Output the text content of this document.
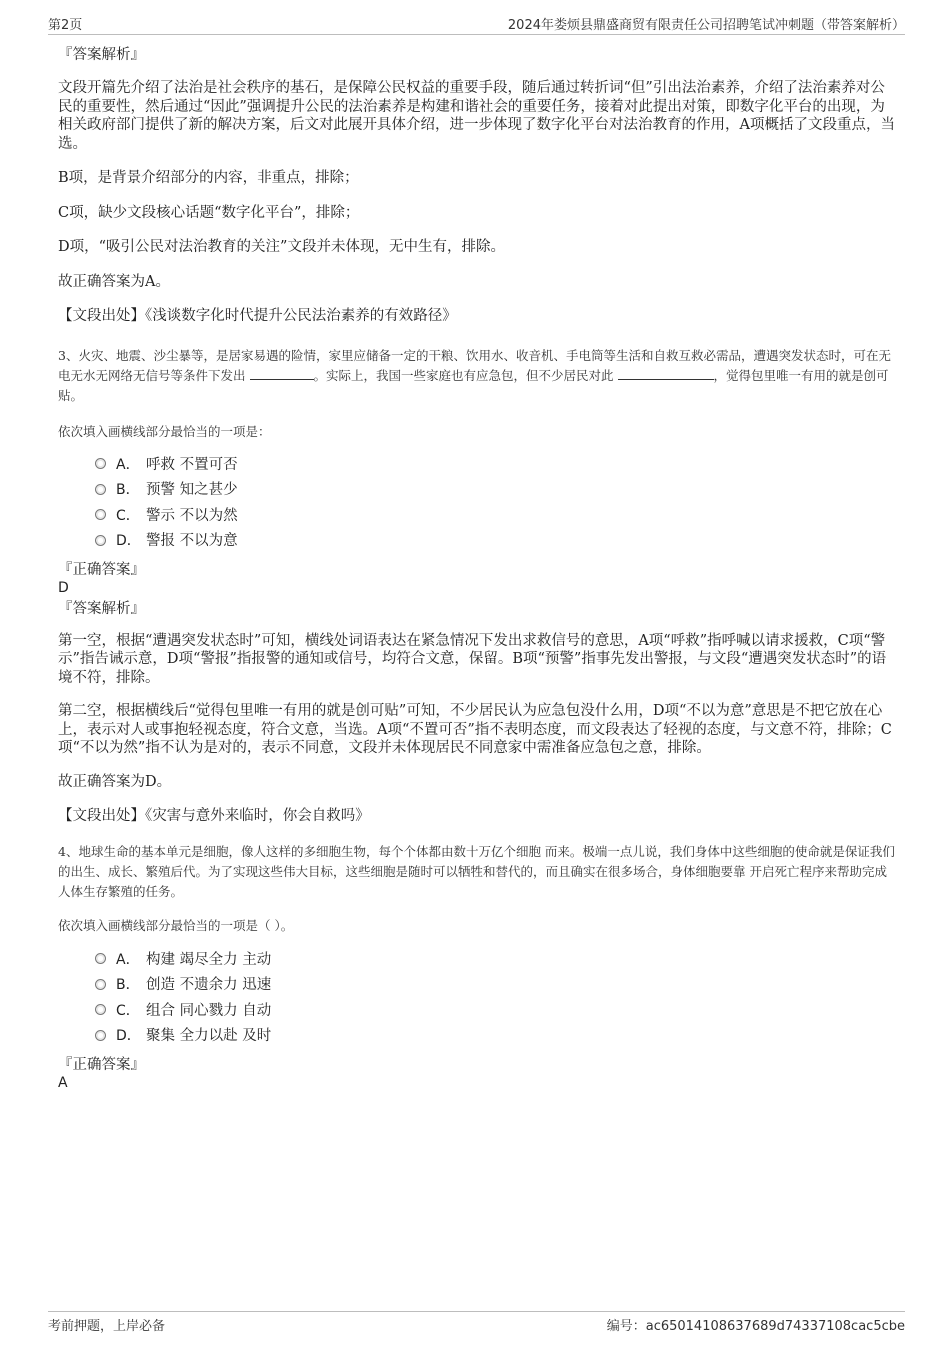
第2页	2024年娄烦县鼎盛商贸有限责任公司招聘笔试冲刺题（带答案解析）

『答案解析』

文段开篇先介绍了法治是社会秩序的基石，是保障公民权益的重要手段，随后通过转折词“但”引出法治素养，介绍了法治素养对公民的重要性，然后通过“因此”强调提升公民的法治素养是构建和谐社会的重要任务，接着对此提出对策，即数字化平台的出现，为相关政府部门提供了新的解决方案，后文对此展开具体介绍，进一步体现了数字化平台对法治教育的作用，A项概括了文段重点，当选。

B项，是背景介绍部分的内容，非重点，排除；

C项，缺少文段核心话题“数字化平台”，排除；

D项，“吸引公民对法治教育的关注”文段并未体现，无中生有，排除。

故正确答案为A。

【文段出处】《浅谈数字化时代提升公民法治素养的有效路径》

3、火灾、地震、沙尘暴等，是居家易遇的险情，家里应储备一定的干粮、饮用水、收音机、手电筒等生活和自救互救必需品，遭遇突发状态时，可在无电无水无网络无信号等条件下发出	。实际上，我国一些家庭也有应急包，但不少居民对此	，觉得包里唯一有用的就是创可贴。

依次填入画横线部分最恰当的一项是：

A． 呼救 不置可否
B． 预警 知之甚少
C． 警示 不以为然
D． 警报 不以为意

『正确答案』

D

『答案解析』

第一空，根据“遭遇突发状态时”可知，横线处词语表达在紧急情况下发出求救信号的意思，A项“呼救”指呼喊以请求援救，C项“警示”指告诫示意，D项“警报”指报警的通知或信号，均符合文意，保留。B项“预警”指事先发出警报，与文段“遭遇突发状态时”的语境不符，排除。

第二空，根据横线后“觉得包里唯一有用的就是创可贴”可知，不少居民认为应急包没什么用，D项“不以为意”意思是不把它放在心上，表示对人或事抱轻视态度，符合文意，当选。A项“不置可否”指不表明态度，而文段表达了轻视的态度，与文意不符，排除；C项“不以为然”指不认为是对的，表示不同意，文段并未体现居民不同意家中需准备应急包之意，排除。

故正确答案为D。

【文段出处】《灾害与意外来临时，你会自救吗》

4、地球生命的基本单元是细胞，像人这样的多细胞生物，每个个体都由数十万亿个细胞 而来。极端一点儿说，我们身体中这些细胞的使命就是保证我们的出生、成长、繁殖后代。为了实现这些伟大目标，这些细胞是随时可以牺牲和替代的，而且确实在很多场合，身体细胞要靠 开启死亡程序来帮助完成人体生存繁殖的任务。

依次填入画横线部分最恰当的一项是（ ）。

A． 构建 竭尽全力 主动
B． 创造 不遗余力 迅速
C． 组合 同心戮力 自动
D． 聚集 全力以赴 及时

『正确答案』

A

考前押题，上岸必备	编号：ac65014108637689d74337108cac5cbe
